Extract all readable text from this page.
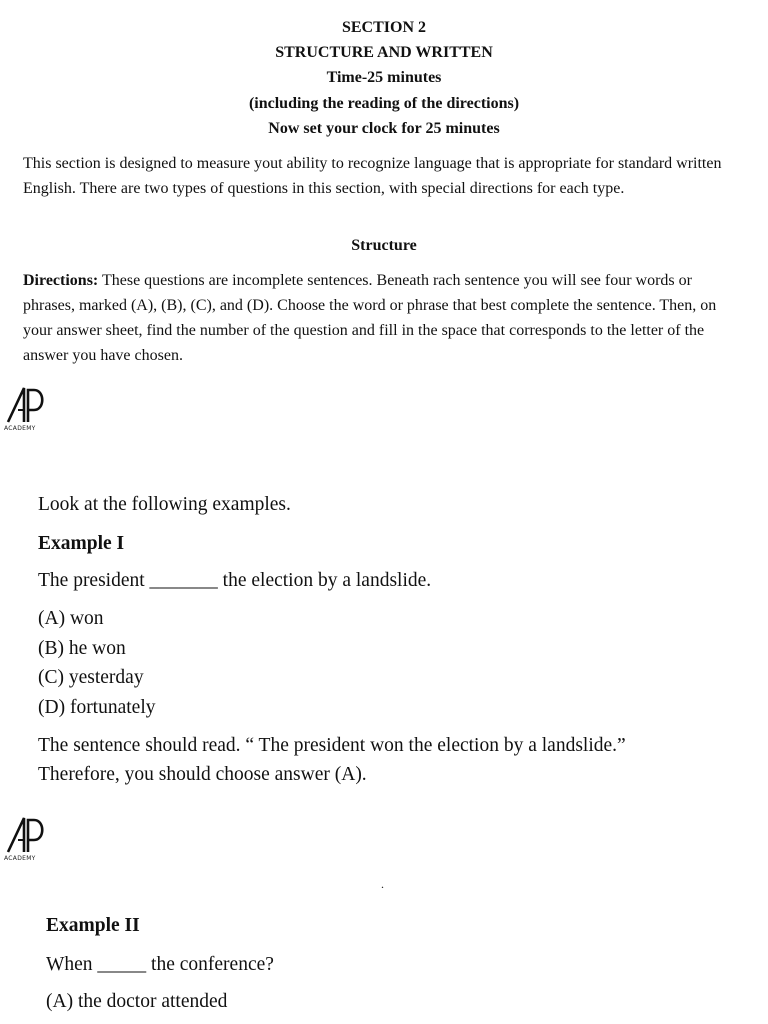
SECTION 2
STRUCTURE AND WRITTEN
Time-25 minutes
(including the reading of the directions)
Now set your clock for 25 minutes
This section is designed to measure yout ability to recognize language that is appropriate for standard written English. There are two types of questions in this section, with special directions for each type.
Structure
Directions: These questions are incomplete sentences. Beneath rach sentence you will see four words or phrases, marked (A), (B), (C), and (D). Choose the word or phrase that best complete the sentence. Then, on your answer sheet, find the number of the question and fill in the space that corresponds to the letter of the answer you have chosen.
ACADEMY
Look at the following examples.
Example I
The president _______ the election by a landslide.
(A) won
(B) he won
(C) yesterday
(D) fortunately
The sentence should read. “ The president won the election by a landslide.”
Therefore, you should choose answer (A).
ACADEMY
.
Example II
When _____ the conference?
(A) the doctor attended
